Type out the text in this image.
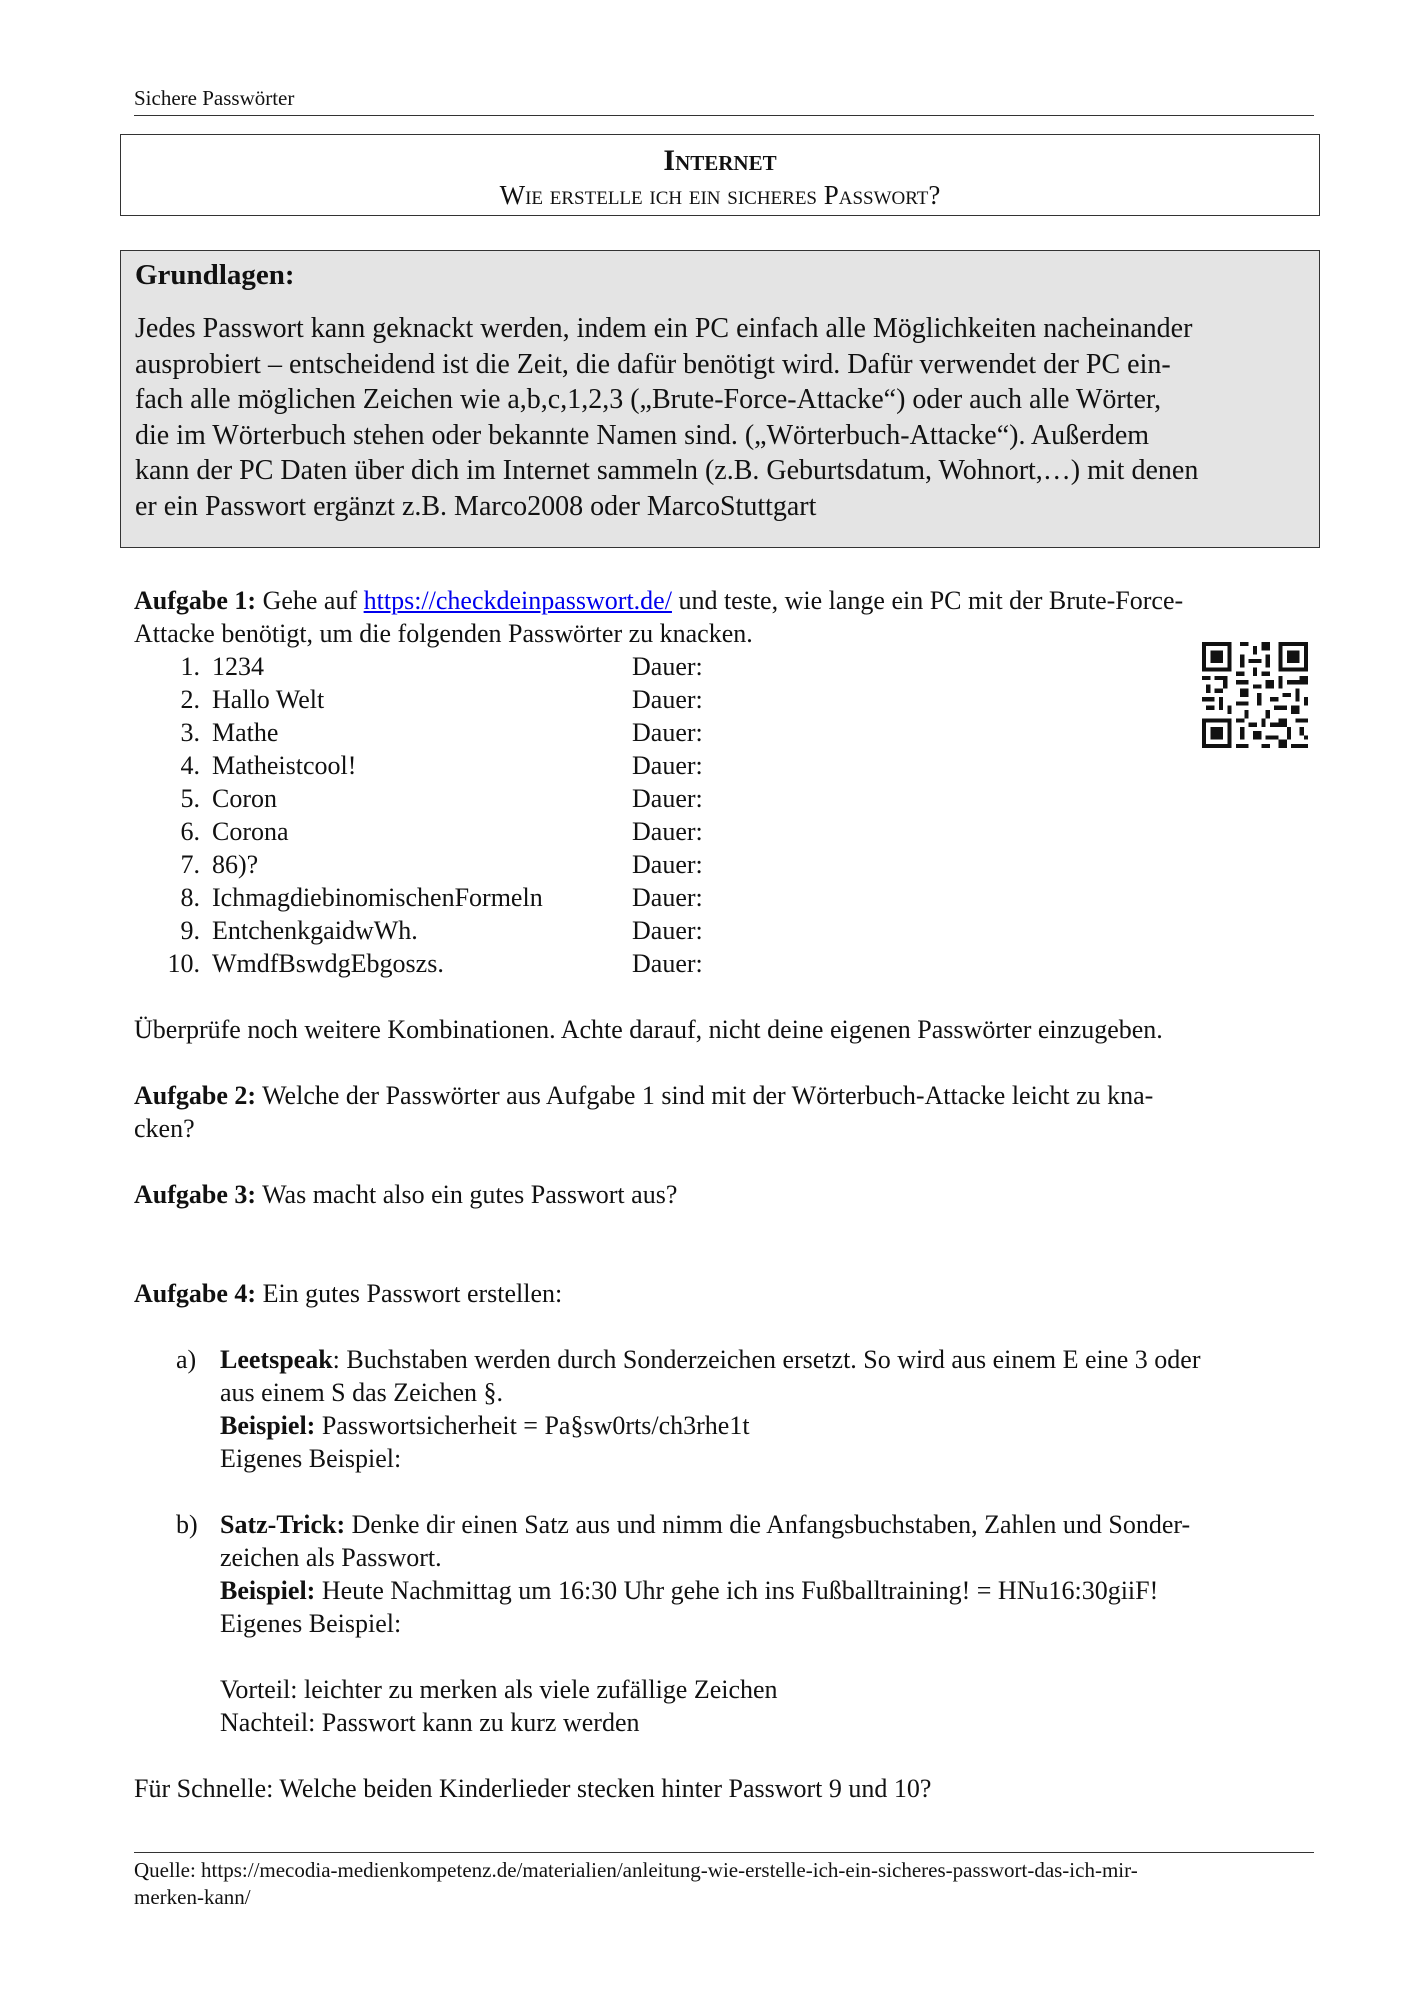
Sichere Passwörter
Internet
Wie erstelle ich ein sicheres Passwort?
Grundlagen:
Jedes Passwort kann geknackt werden, indem ein PC einfach alle Möglichkeiten nacheinander
ausprobiert – entscheidend ist die Zeit, die dafür benötigt wird. Dafür verwendet der PC ein-
fach alle möglichen Zeichen wie a,b,c,1,2,3 („Brute-Force-Attacke“) oder auch alle Wörter,
die im Wörterbuch stehen oder bekannte Namen sind. („Wörterbuch-Attacke“). Außerdem
kann der PC Daten über dich im Internet sammeln (z.B. Geburtsdatum, Wohnort,…) mit denen
er ein Passwort ergänzt z.B. Marco2008 oder MarcoStuttgart

Aufgabe 1: Gehe auf https://checkdeinpasswort.de/ und teste, wie lange ein PC mit der Brute-Force-
Attacke benötigt, um die folgenden Passwörter zu knacken.

1. 1234	Dauer:
2. Hallo Welt	Dauer:
3. Mathe	Dauer:
4. Matheistcool!	Dauer:
5. Coron	Dauer:
6. Corona	Dauer:
7. 86)?	Dauer:
8. IchmagdiebinomischenFormeln	Dauer:
9. EntchenkgaidwWh.	Dauer:
10. WmdfBswdgEbgoszs.	Dauer:

Überprüfe noch weitere Kombinationen. Achte darauf, nicht deine eigenen Passwörter einzugeben.

Aufgabe 2: Welche der Passwörter aus Aufgabe 1 sind mit der Wörterbuch-Attacke leicht zu kna-
cken?

Aufgabe 3: Was macht also ein gutes Passwort aus?

Aufgabe 4: Ein gutes Passwort erstellen:

a) Leetspeak: Buchstaben werden durch Sonderzeichen ersetzt. So wird aus einem E eine 3 oder
aus einem S das Zeichen §.
Beispiel: Passwortsicherheit = Pa§sw0rts/ch3rhe1t
Eigenes Beispiel:
b) Satz-Trick: Denke dir einen Satz aus und nimm die Anfangsbuchstaben, Zahlen und Sonder-
zeichen als Passwort.
Beispiel: Heute Nachmittag um 16:30 Uhr gehe ich ins Fußballtraining! = HNu16:30giiF!
Eigenes Beispiel:
Vorteil: leichter zu merken als viele zufällige Zeichen
Nachteil: Passwort kann zu kurz werden

Für Schnelle: Welche beiden Kinderlieder stecken hinter Passwort 9 und 10?

Quelle: https://mecodia-medienkompetenz.de/materialien/anleitung-wie-erstelle-ich-ein-sicheres-passwort-das-ich-mir-
merken-kann/
